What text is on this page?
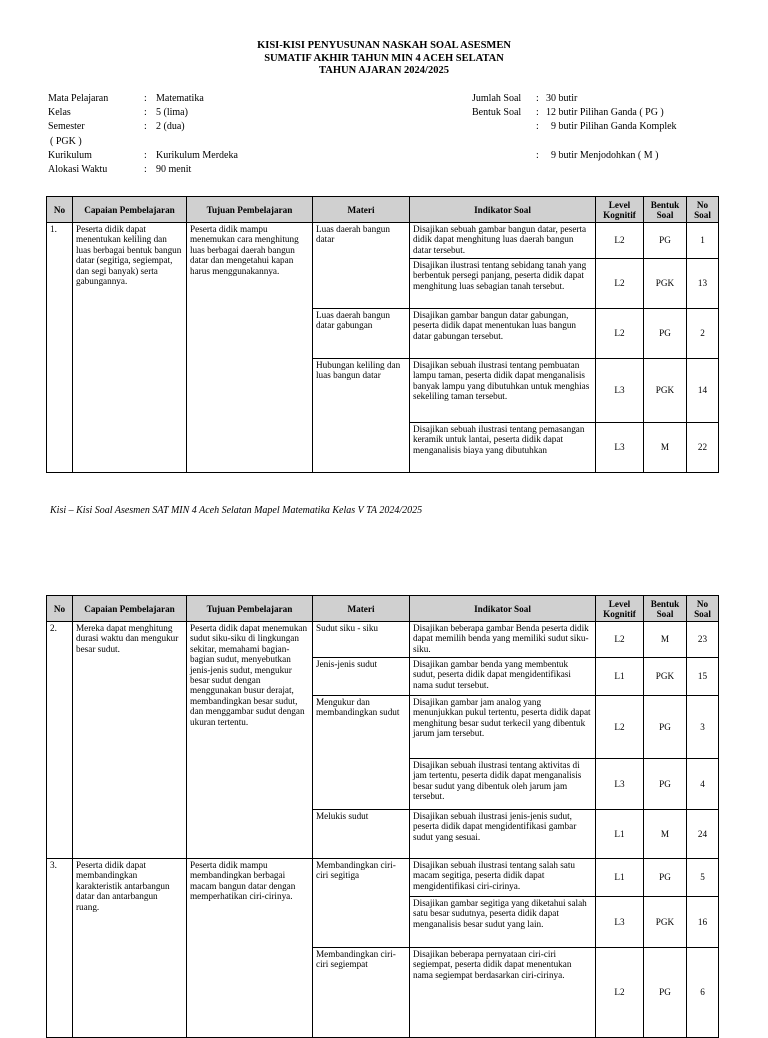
KISI-KISI PENYUSUNAN NASKAH SOAL ASESMEN
SUMATIF AKHIR TAHUN MIN 4 ACEH SELATAN
TAHUN AJARAN 2024/2025
Mata Pelajaran	: Matematika
Kelas	: 5 (lima)
Semester	: 2 (dua)
( PGK )
Kurikulum	: Kurikulum Merdeka
Alokasi Waktu	: 90 menit
Jumlah Soal	: 30 butir
Bentuk Soal	: 12 butir Pilihan Ganda ( PG )
: 9 butir Pilihan Ganda Komplek

: 9 butir Menjodohkan ( M )
No	Capaian Pembelajaran	Tujuan Pembelajaran	Materi	Indikator Soal	Level Kognitif	Bentuk Soal	No Soal
1.	Peserta didik dapat menentukan keliling dan luas berbagai bentuk bangun datar (segitiga, segiempat, dan segi banyak) serta gabungannya.	Peserta didik mampu menemukan cara menghitung luas berbagai daerah bangun datar dan mengetahui kapan harus menggunakannya.	Luas daerah bangun datar	Disajikan sebuah gambar bangun datar, peserta didik dapat menghitung luas daerah bangun datar tersebut.	L2	PG	1
				Disajikan ilustrasi tentang sebidang tanah yang berbentuk persegi panjang, peserta didik dapat menghitung luas sebagian tanah tersebut.	L2	PGK	13
			Luas daerah bangun datar gabungan	Disajikan gambar bangun datar gabungan, peserta didik dapat menentukan luas bangun datar gabungan tersebut.	L2	PG	2
			Hubungan keliling dan luas bangun datar	Disajikan sebuah ilustrasi tentang pembuatan lampu taman, peserta didik dapat menganalisis banyak lampu yang dibutuhkan untuk menghias sekeliling taman tersebut.	L3	PGK	14
				Disajikan sebuah ilustrasi tentang pemasangan keramik untuk lantai, peserta didik dapat menganalisis biaya yang dibutuhkan	L3	M	22
Kisi – Kisi Soal Asesmen SAT MIN 4 Aceh Selatan Mapel Matematika Kelas V TA 2024/2025
No	Capaian Pembelajaran	Tujuan Pembelajaran	Materi	Indikator Soal	Level Kognitif	Bentuk Soal	No Soal
2.	Mereka dapat menghitung durasi waktu dan mengukur besar sudut.	Peserta didik dapat menemukan sudut siku-siku di lingkungan sekitar, memahami bagian-bagian sudut, menyebutkan jenis-jenis sudut, mengukur besar sudut dengan menggunakan busur derajat, membandingkan besar sudut, dan menggambar sudut dengan ukuran tertentu.	Sudut siku - siku	Disajikan beberapa gambar Benda peserta didik dapat memilih benda yang memiliki sudut siku-siku.	L2	M	23
			Jenis-jenis sudut	Disajikan gambar benda yang membentuk sudut, peserta didik dapat mengidentifikasi nama sudut tersebut.	L1	PGK	15
			Mengukur dan membandingkan sudut	Disajikan gambar jam analog yang menunjukkan pukul tertentu, peserta didik dapat menghitung besar sudut terkecil yang dibentuk jarum jam tersebut.	L2	PG	3
				Disajikan sebuah ilustrasi tentang aktivitas di jam tertentu, peserta didik dapat menganalisis besar sudut yang dibentuk oleh jarum jam tersebut.	L3	PG	4
			Melukis sudut	Disajikan sebuah ilustrasi jenis-jenis sudut, peserta didik dapat mengidentifikasi gambar sudut yang sesuai.	L1	M	24
3.	Peserta didik dapat membandingkan karakteristik antarbangun datar dan antarbangun ruang.	Peserta didik mampu membandingkan berbagai macam bangun datar dengan memperhatikan ciri-cirinya.	Membandingkan ciri-ciri segitiga	Disajikan sebuah ilustrasi tentang salah satu macam segitiga, peserta didik dapat mengidentifikasi ciri-cirinya.	L1	PG	5
				Disajikan gambar segitiga yang diketahui salah satu besar sudutnya, peserta didik dapat menganalisis besar sudut yang lain.	L3	PGK	16
			Membandingkan ciri-ciri segiempat	Disajikan beberapa pernyataan ciri-ciri segiempat, peserta didik dapat menentukan nama segiempat berdasarkan ciri-cirinya.	L2	PG	6
